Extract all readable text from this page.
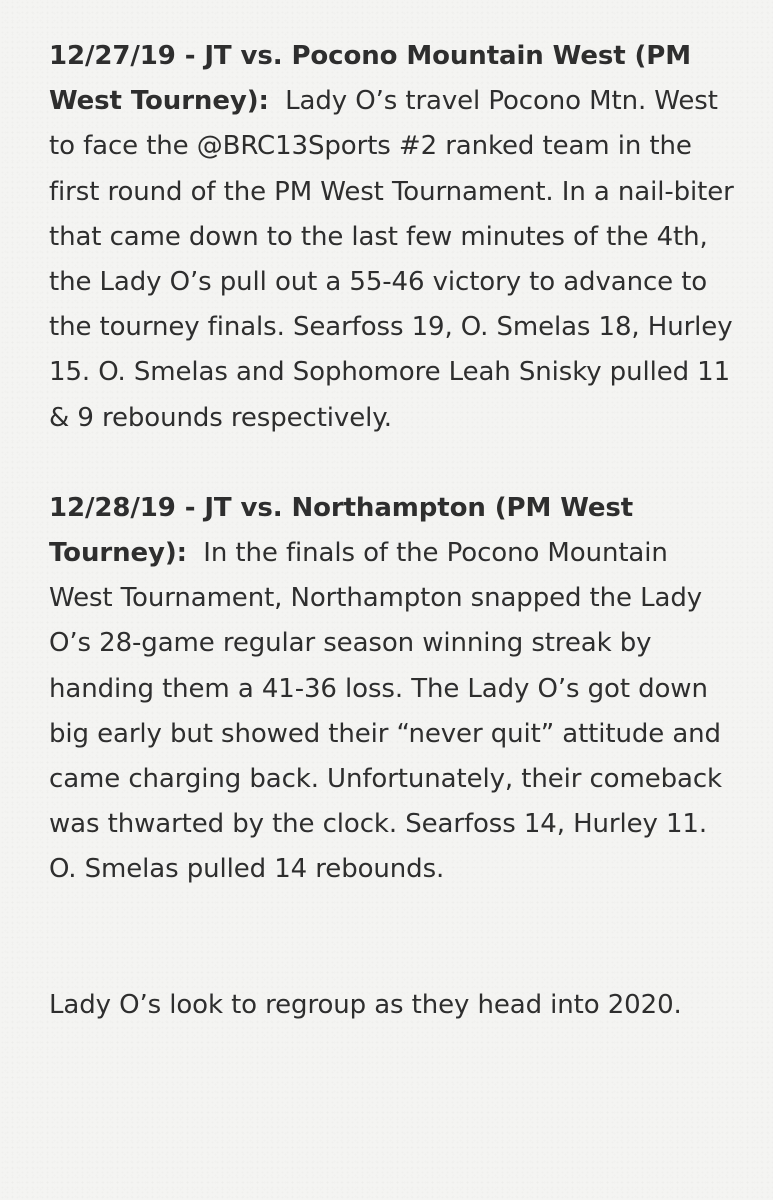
12/27/19 - JT vs. Pocono Mountain West (PM West Tourney): Lady O’s travel Pocono Mtn. West to face the @BRC13Sports #2 ranked team in the first round of the PM West Tournament. In a nail-biter that came down to the last few minutes of the 4th, the Lady O’s pull out a 55-46 victory to advance to the tourney finals. Searfoss 19, O. Smelas 18, Hurley 15. O. Smelas and Sophomore Leah Snisky pulled 11 & 9 rebounds respectively.

12/28/19 - JT vs. Northampton (PM West Tourney): In the finals of the Pocono Mountain West Tournament, Northampton snapped the Lady O’s 28-game regular season winning streak by handing them a 41-36 loss. The Lady O’s got down big early but showed their “never quit” attitude and came charging back. Unfortunately, their comeback was thwarted by the clock. Searfoss 14, Hurley 11. O. Smelas pulled 14 rebounds.

Lady O’s look to regroup as they head into 2020.
